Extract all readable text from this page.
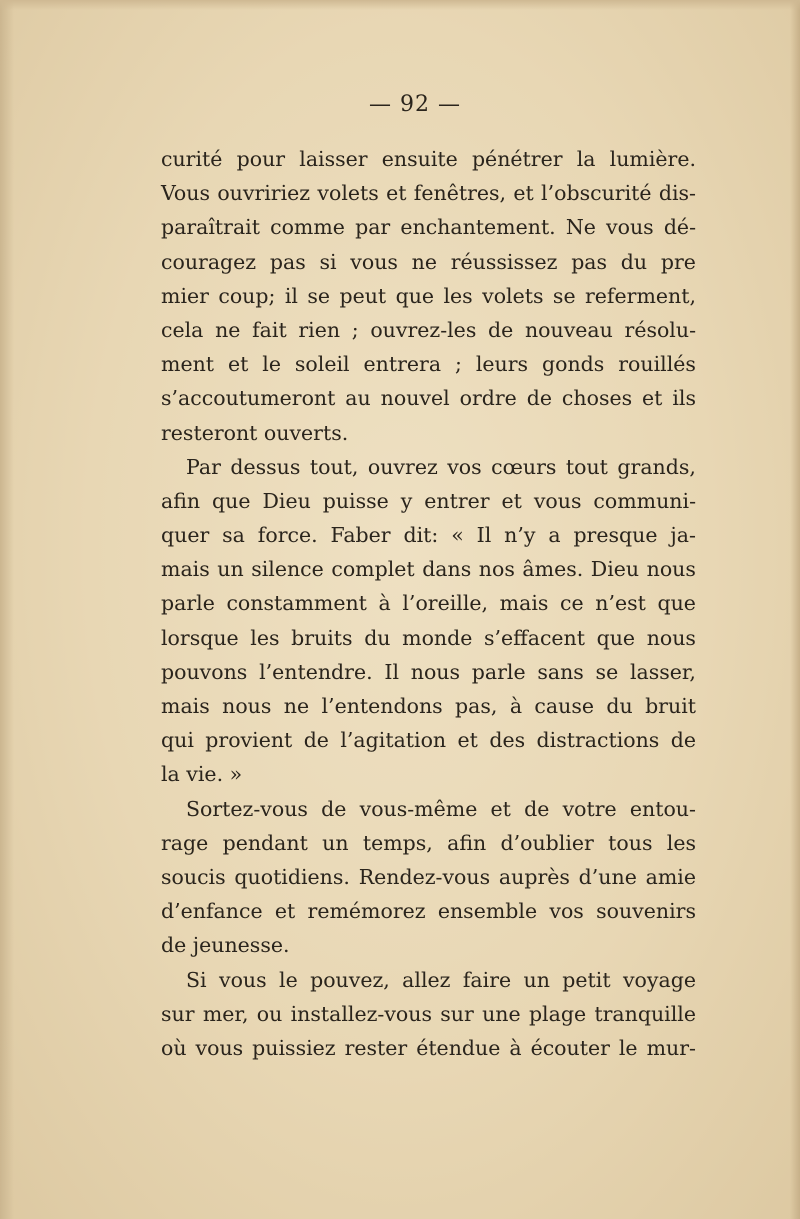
— 92 —
curité pour laisser ensuite pénétrer la lumière.
Vous ouvririez volets et fenêtres, et l’obscurité dis-
paraîtrait comme par enchantement. Ne vous dé-
couragez pas si vous ne réussissez pas du pre
mier coup; il se peut que les volets se referment,
cela ne fait rien ; ouvrez-les de nouveau résolu-
ment et le soleil entrera ; leurs gonds rouillés
s’accoutumeront au nouvel ordre de choses et ils
resteront ouverts.
Par dessus tout, ouvrez vos cœurs tout grands,
afin que Dieu puisse y entrer et vous communi-
quer sa force. Faber dit: « Il n’y a presque ja-
mais un silence complet dans nos âmes. Dieu nous
parle constamment à l’oreille, mais ce n’est que
lorsque les bruits du monde s’effacent que nous
pouvons l’entendre. Il nous parle sans se lasser,
mais nous ne l’entendons pas, à cause du bruit
qui provient de l’agitation et des distractions de
la vie. »
Sortez-vous de vous-même et de votre entou-
rage pendant un temps, afin d’oublier tous les
soucis quotidiens. Rendez-vous auprès d’une amie
d’enfance et remémorez ensemble vos souvenirs
de jeunesse.
Si vous le pouvez, allez faire un petit voyage
sur mer, ou installez-vous sur une plage tranquille
où vous puissiez rester étendue à écouter le mur-
